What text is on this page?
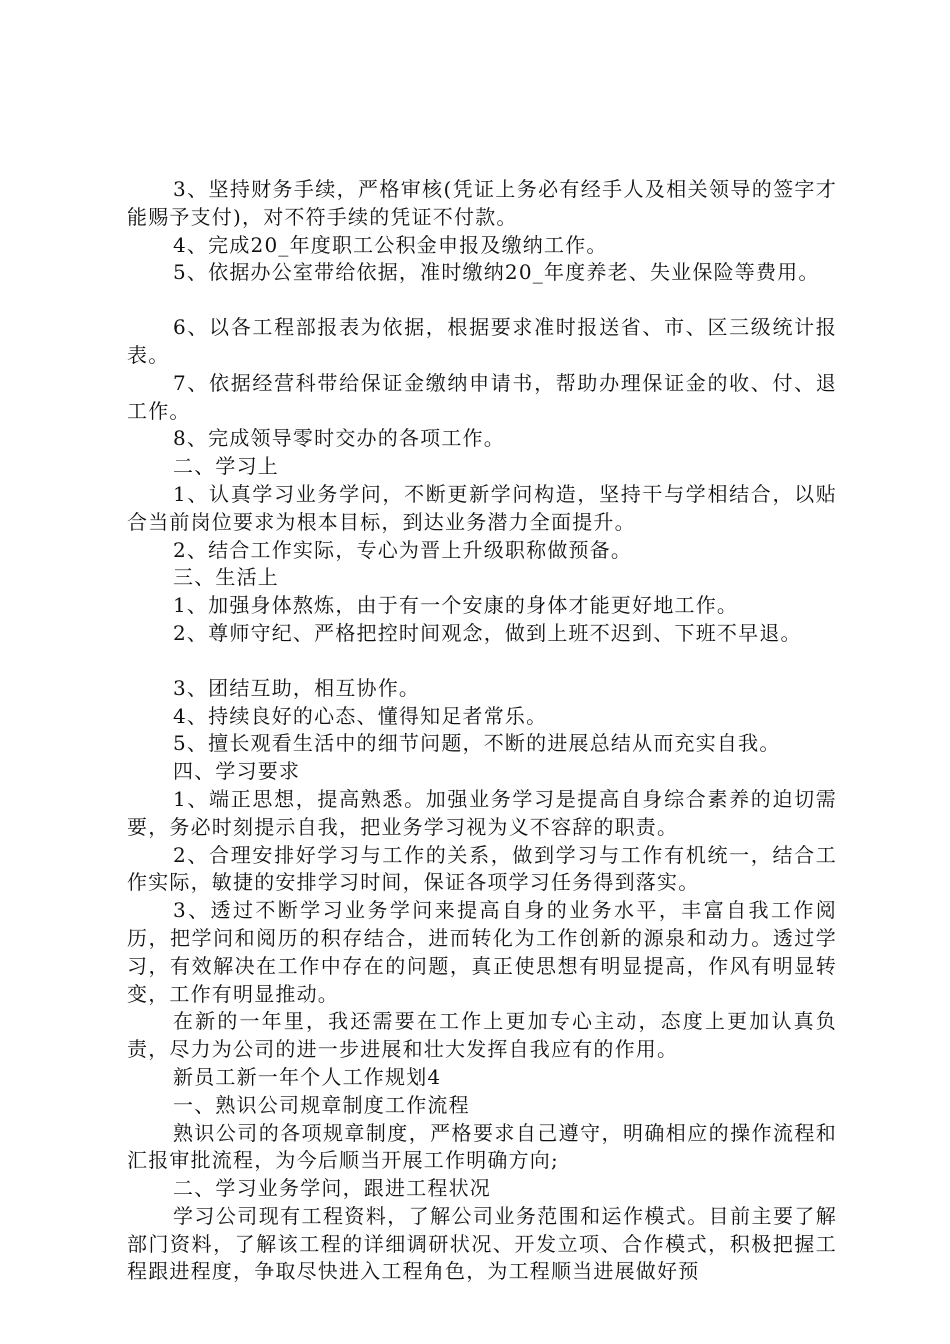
3、坚持财务手续，严格审核(凭证上务必有经手人及相关领导的签字才能赐予支付)，对不符手续的凭证不付款。

4、完成20_年度职工公积金申报及缴纳工作。

5、依据办公室带给依据，准时缴纳20_年度养老、失业保险等费用。

6、以各工程部报表为依据，根据要求准时报送省、市、区三级统计报表。

7、依据经营科带给保证金缴纳申请书，帮助办理保证金的收、付、退工作。

8、完成领导零时交办的各项工作。

二、学习上

1、认真学习业务学问，不断更新学问构造，坚持干与学相结合，以贴合当前岗位要求为根本目标，到达业务潜力全面提升。

2、结合工作实际，专心为晋上升级职称做预备。

三、生活上

1、加强身体熬炼，由于有一个安康的身体才能更好地工作。

2、尊师守纪、严格把控时间观念，做到上班不迟到、下班不早退。

3、团结互助，相互协作。

4、持续良好的心态、懂得知足者常乐。

5、擅长观看生活中的细节问题，不断的进展总结从而充实自我。

四、学习要求

1、端正思想，提高熟悉。加强业务学习是提高自身综合素养的迫切需要，务必时刻提示自我，把业务学习视为义不容辞的职责。

2、合理安排好学习与工作的关系，做到学习与工作有机统一，结合工作实际，敏捷的安排学习时间，保证各项学习任务得到落实。

3、透过不断学习业务学问来提高自身的业务水平，丰富自我工作阅历，把学问和阅历的积存结合，进而转化为工作创新的源泉和动力。透过学习，有效解决在工作中存在的问题，真正使思想有明显提高，作风有明显转变，工作有明显推动。

在新的一年里，我还需要在工作上更加专心主动，态度上更加认真负责，尽力为公司的进一步进展和壮大发挥自我应有的作用。

新员工新一年个人工作规划4

一、熟识公司规章制度工作流程

熟识公司的各项规章制度，严格要求自己遵守，明确相应的操作流程和汇报审批流程，为今后顺当开展工作明确方向;

二、学习业务学问，跟进工程状况

学习公司现有工程资料，了解公司业务范围和运作模式。目前主要了解部门资料，了解该工程的详细调研状况、开发立项、合作模式，积极把握工程跟进程度，争取尽快进入工程角色，为工程顺当进展做好预
